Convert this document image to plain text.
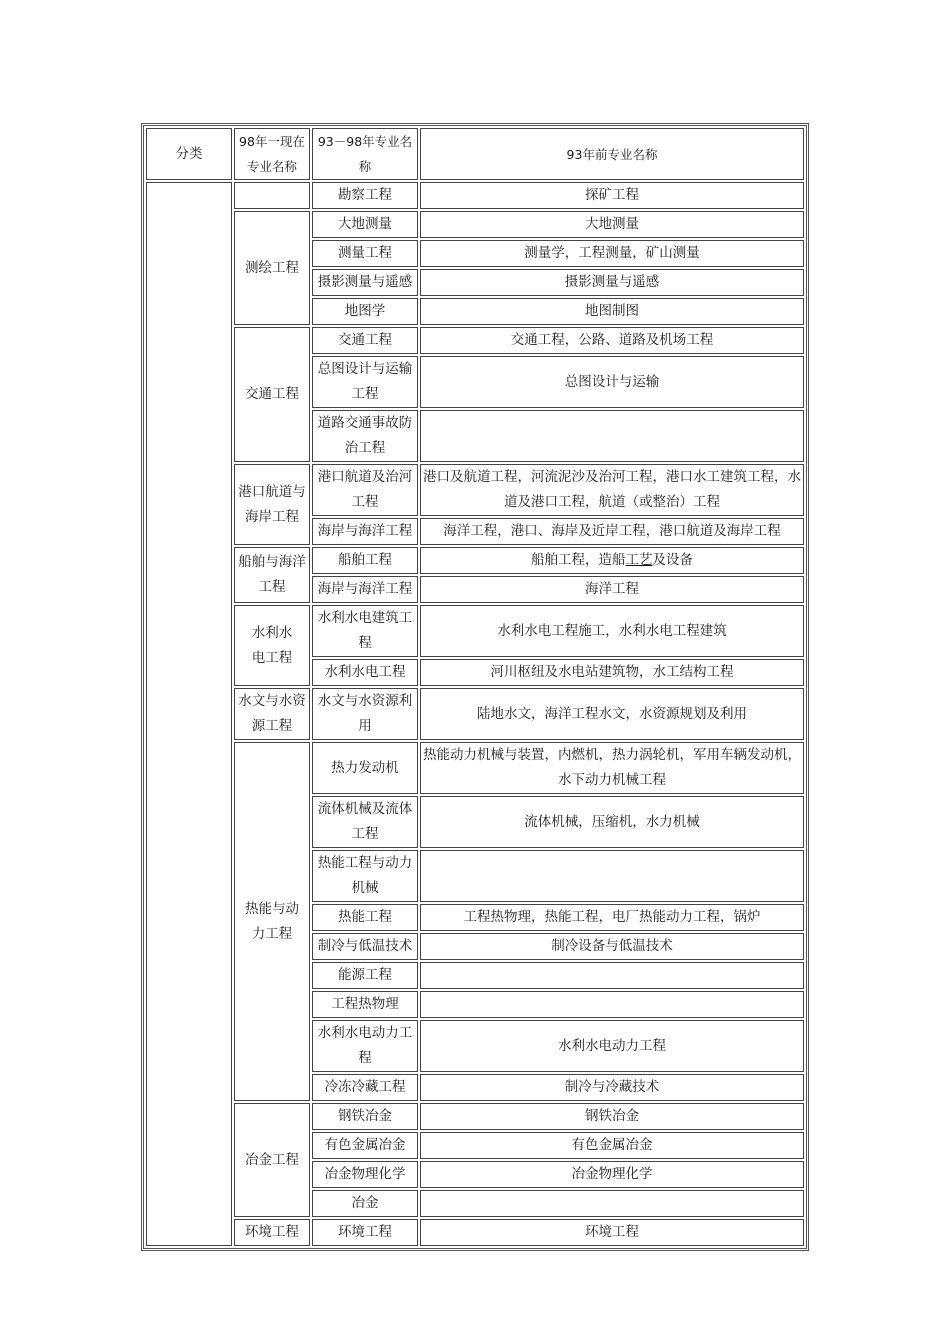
分类	98年一现在专业名称	93－98年专业名称	93年前专业名称
		勘察工程	探矿工程
	测绘工程	大地测量	大地测量
		测量工程	测量学，工程测量，矿山测量
		摄影测量与遥感	摄影测量与遥感
		地图学	地图制图
	交通工程	交通工程	交通工程，公路、道路及机场工程
		总图设计与运输工程	总图设计与运输
		道路交通事故防治工程	
	港口航道与海岸工程	港口航道及治河工程	港口及航道工程，河流泥沙及治河工程，港口水工建筑工程，水道及港口工程，航道（或整治）工程
		海岸与海洋工程	海洋工程，港口、海岸及近岸工程，港口航道及海岸工程
	船舶与海洋工程	船舶工程	船舶工程，造船工艺及设备
		海岸与海洋工程	海洋工程
	水利水电工程	水利水电建筑工程	水利水电工程施工，水利水电工程建筑
		水利水电工程	河川枢纽及水电站建筑物，水工结构工程
	水文与水资源工程	水文与水资源利用	陆地水文，海洋工程水文，水资源规划及利用
	热能与动力工程	热力发动机	热能动力机械与装置，内燃机，热力涡轮机，军用车辆发动机，水下动力机械工程
		流体机械及流体工程	流体机械，压缩机，水力机械
		热能工程与动力机械	
		热能工程	工程热物理，热能工程，电厂热能动力工程，锅炉
		制冷与低温技术	制冷设备与低温技术
		能源工程	
		工程热物理	
		水利水电动力工程	水利水电动力工程
		冷冻冷藏工程	制冷与冷藏技术
	冶金工程	钢铁冶金	钢铁冶金
		有色金属冶金	有色金属冶金
		冶金物理化学	冶金物理化学
		冶金	
	环境工程	环境工程	环境工程
